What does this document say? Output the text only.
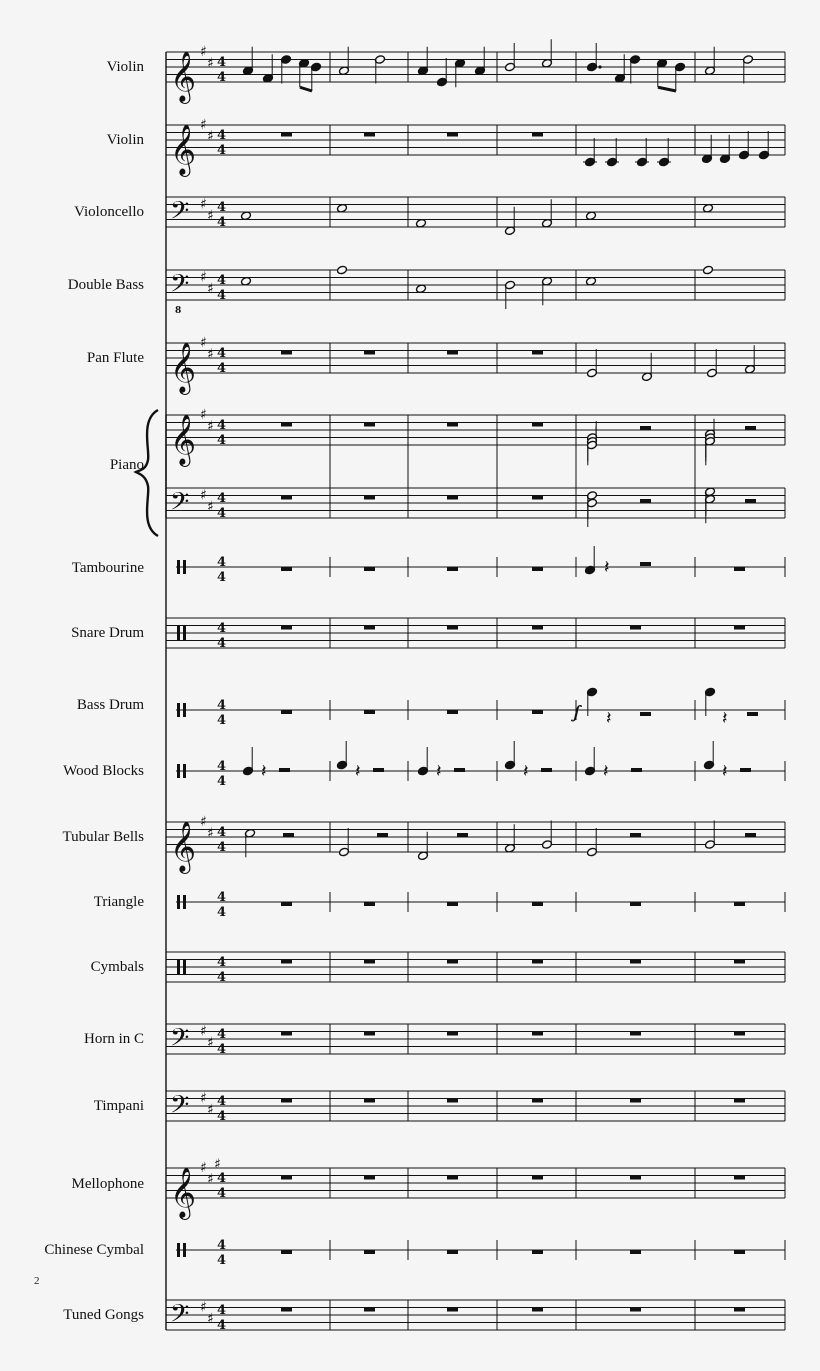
Violin
Violin
Violoncello
Double Bass
Pan Flute
Piano
Tambourine
Snare Drum
Bass Drum
Wood Blocks
Tubular Bells
Triangle
Cymbals
Horn in C
Timpani
Mellophone
Chinese Cymbal
Tuned Gongs
2
𝄞 ♯
♯ 4
4
𝄞 ♯
♯ 4
4
𝄢 ♯
♯
4
4
𝄢 ♯
♯
4
4
𝄞 ♯
♯ 4
4
𝄞 ♯
♯ 4
4
𝄢 ♯
♯
4
4
𝄞 ♯
♯ 4
4
𝄢 ♯
♯
4
4
𝄢 ♯
♯
4
4
𝄞 ♯
♯
♯
4
4
𝄢 ♯
♯
4
4
8
4
4
4
4
4
4
4
4
4
4
4
4
4
4
𝄽
𝆑 𝄽	𝄽
𝄽	𝄽	𝄽	𝄽	𝄽	𝄽
